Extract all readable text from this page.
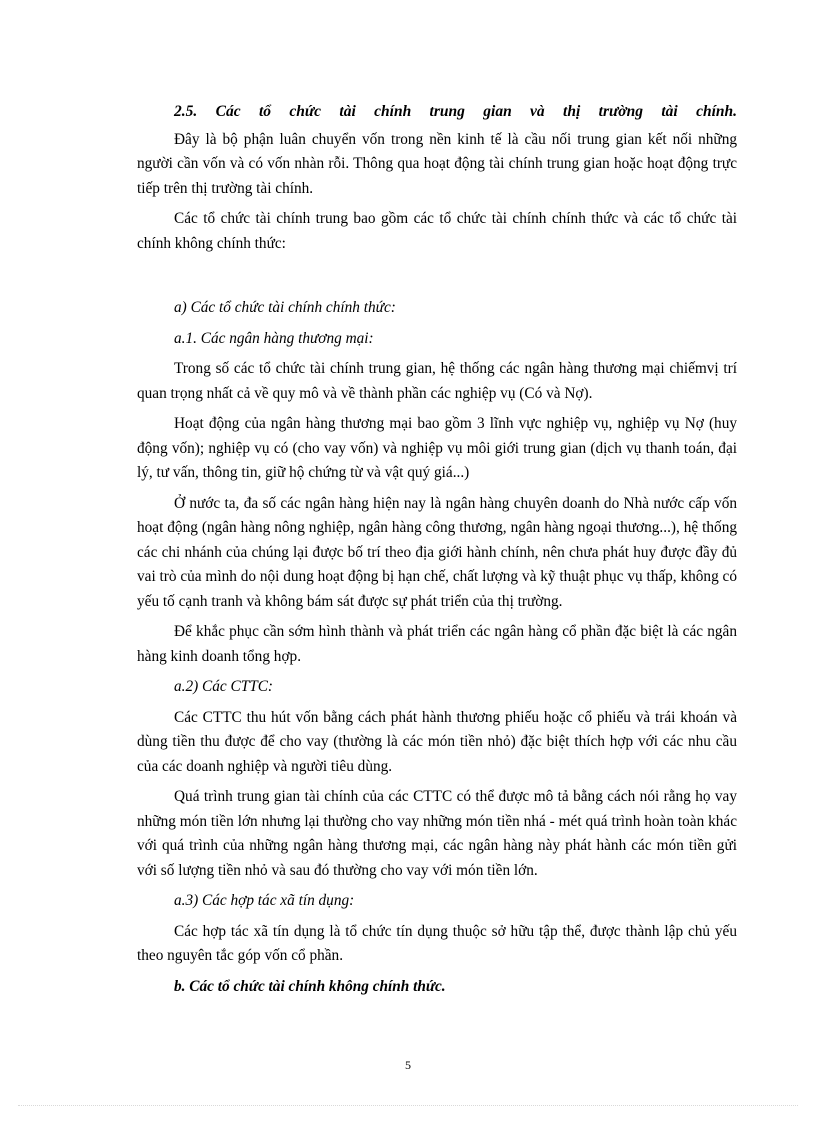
2.5. Các tổ chức tài chính trung gian và thị trường tài chính.

Đây là bộ phận luân chuyển vốn trong nền kinh tế là cầu nối trung gian kết nối những người cần vốn và có vốn nhàn rỗi. Thông qua hoạt động tài chính trung gian hoặc hoạt động trực tiếp trên thị trường tài chính.

Các tổ chức tài chính trung bao gồm các tổ chức tài chính chính thức và các tổ chức tài chính không chính thức:

a) Các tổ chức tài chính chính thức:

a.1. Các ngân hàng thương mại:

Trong số các tổ chức tài chính trung gian, hệ thống các ngân hàng thương mại chiếmvị trí quan trọng nhất cả về quy mô và về thành phần các nghiệp vụ (Có và Nợ).

Hoạt động của ngân hàng thương mại bao gồm 3 lĩnh vực nghiệp vụ, nghiệp vụ Nợ (huy động vốn); nghiệp vụ có (cho vay vốn) và nghiệp vụ môi giới trung gian (dịch vụ thanh toán, đại lý, tư vấn, thông tin, giữ hộ chứng từ và vật quý giá...)

Ở nước ta, đa số các ngân hàng hiện nay là ngân hàng chuyên doanh do Nhà nước cấp vốn hoạt động (ngân hàng nông nghiệp, ngân hàng công thương, ngân hàng ngoại thương...), hệ thống các chi nhánh của chúng lại được bố trí theo địa giới hành chính, nên chưa phát huy được đầy đủ vai trò của mình do nội dung hoạt động bị hạn chế, chất lượng và kỹ thuật phục vụ thấp, không có yếu tố cạnh tranh và không bám sát được sự phát triển của thị trường.

Để khắc phục cần sớm hình thành và phát triển các ngân hàng cổ phần đặc biệt là các ngân hàng kinh doanh tổng hợp.

a.2) Các CTTC:

Các CTTC thu hút vốn bằng cách phát hành thương phiếu hoặc cổ phiếu và trái khoán và dùng tiền thu được để cho vay (thường là các món tiền nhỏ) đặc biệt thích hợp với các nhu cầu của các doanh nghiệp và người tiêu dùng.

Quá trình trung gian tài chính của các CTTC có thể được mô tả bằng cách nói rằng họ vay những món tiền lớn nhưng lại thường cho vay những món tiền nhá - mét quá trình hoàn toàn khác với quá trình của những ngân hàng thương mại, các ngân hàng này phát hành các món tiền gửi với số lượng tiền nhỏ và sau đó thường cho vay với món tiền lớn.

a.3) Các hợp tác xã tín dụng:

Các hợp tác xã tín dụng là tổ chức tín dụng thuộc sở hữu tập thể, được thành lập chủ yếu theo nguyên tắc góp vốn cổ phần.

b. Các tổ chức tài chính không chính thức.

5
